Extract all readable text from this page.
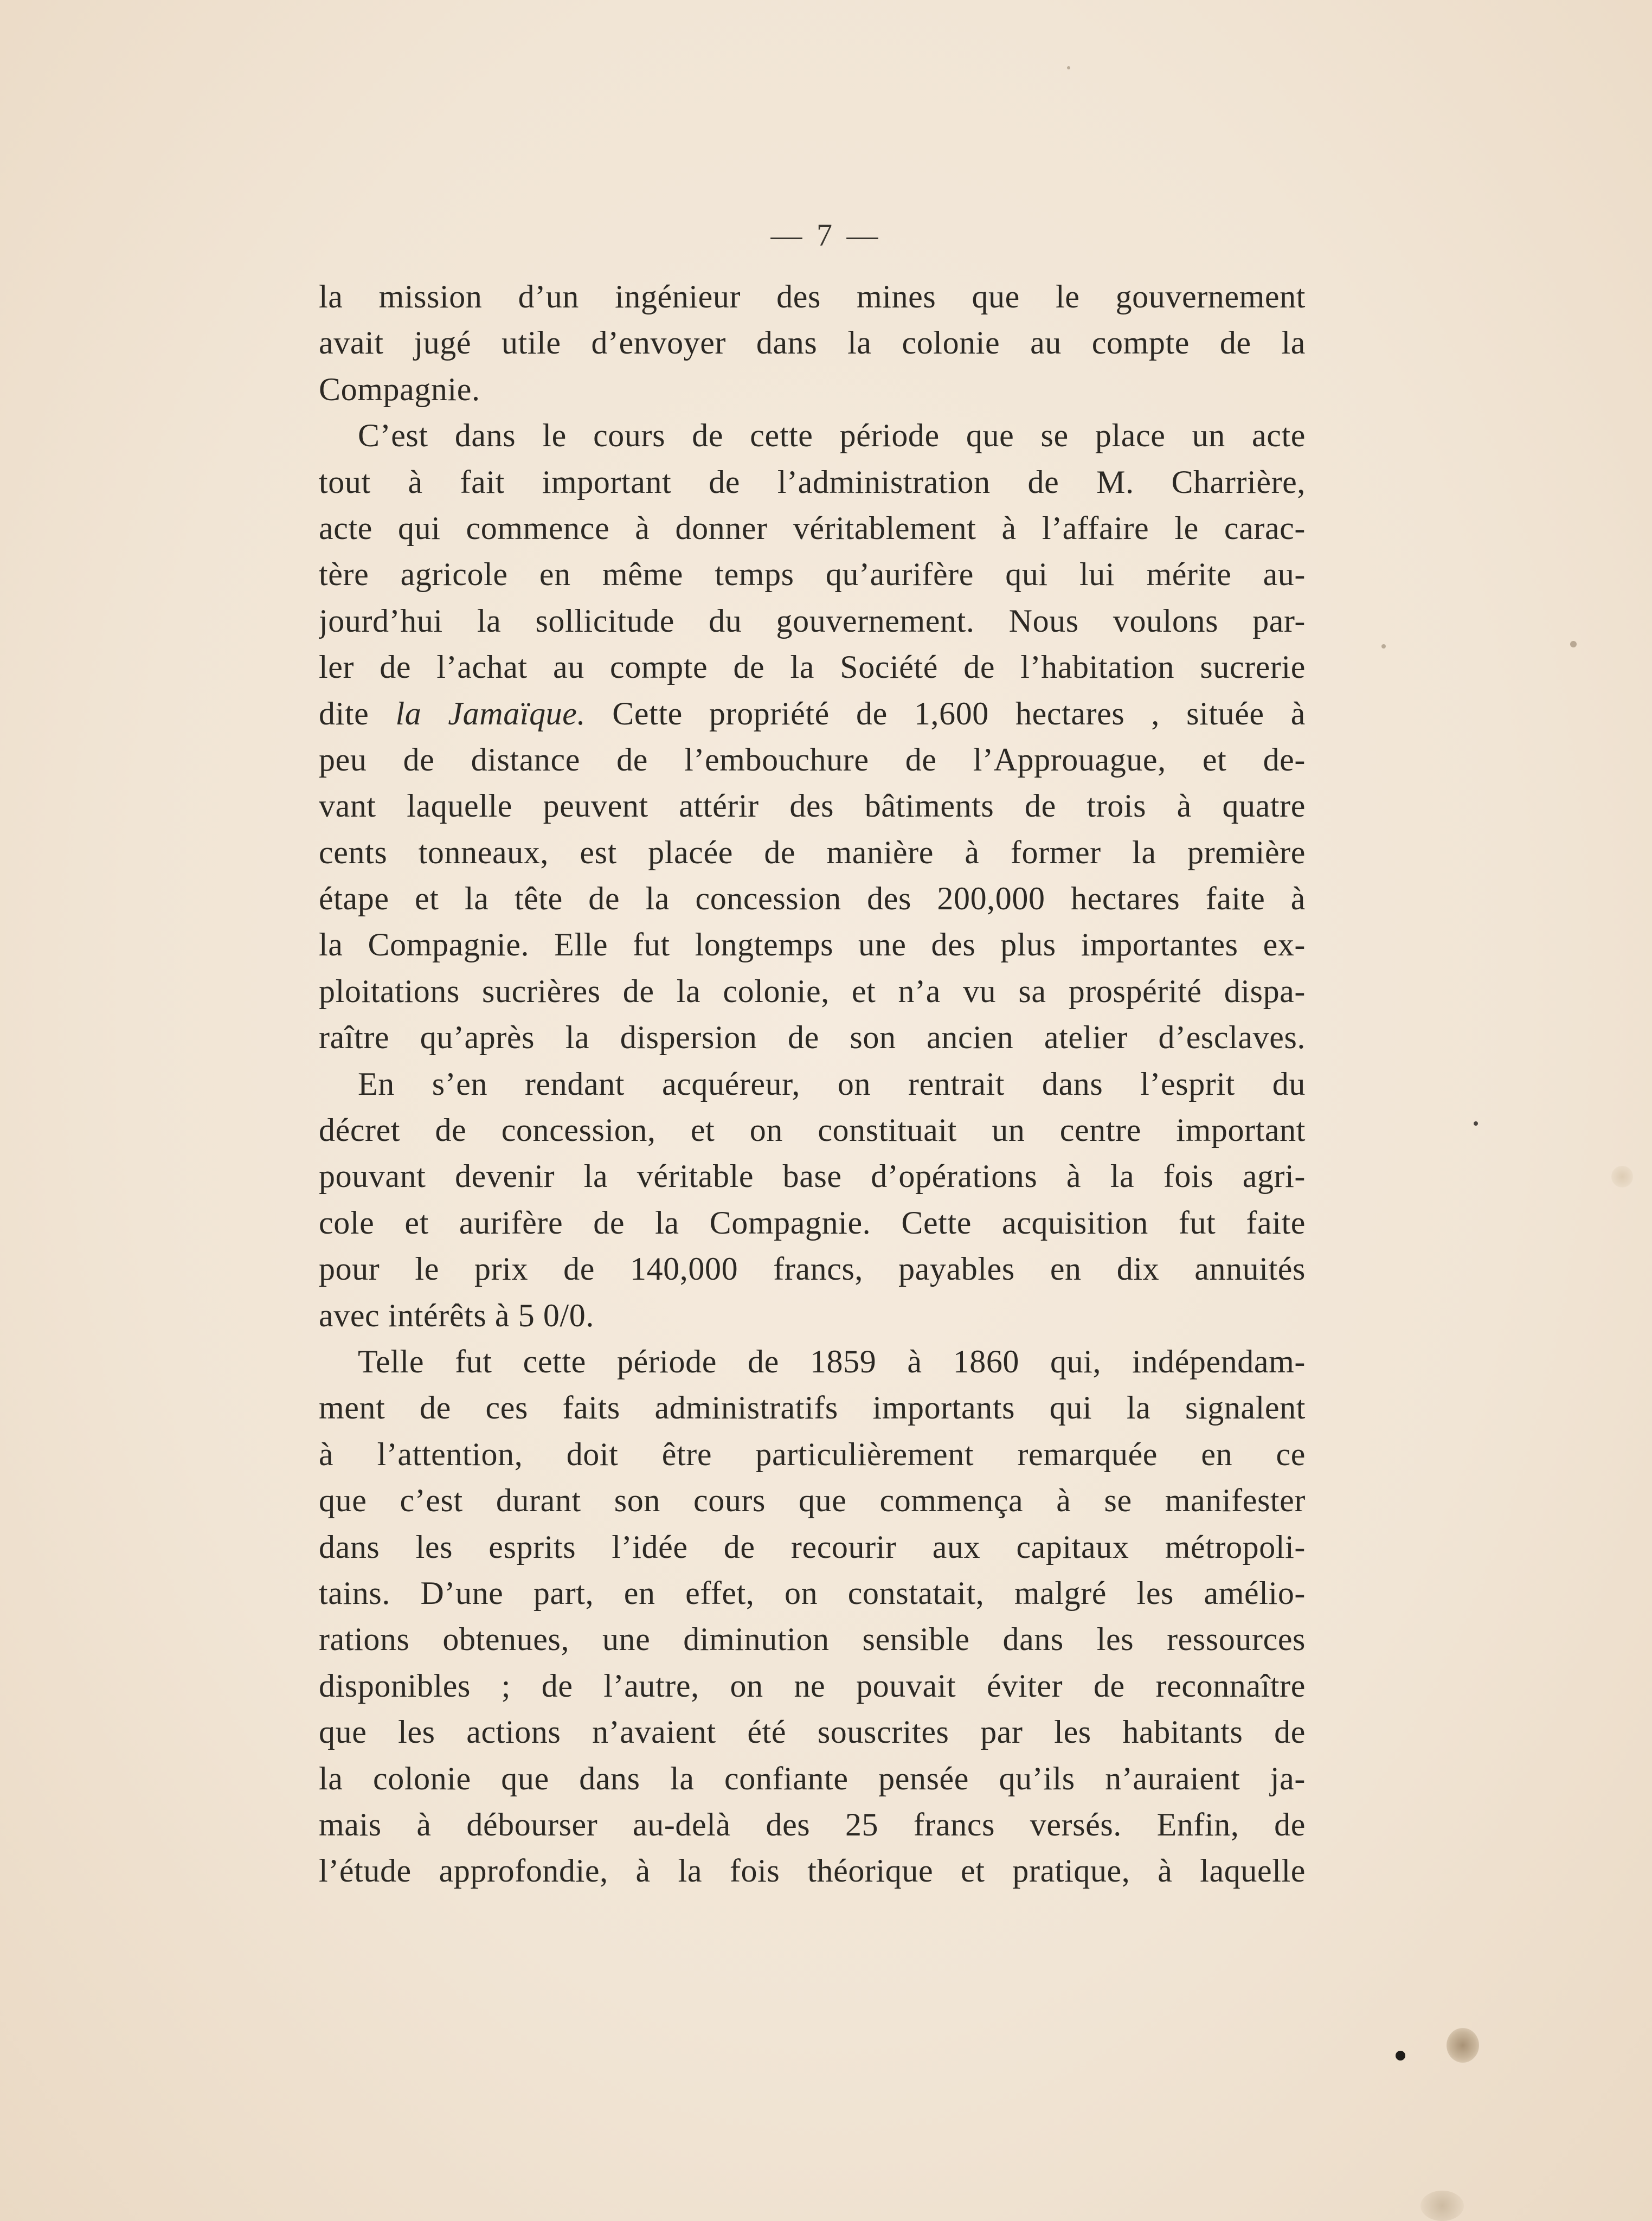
— 7 —
la mission d’un ingénieur des mines que le gouvernement
avait jugé utile d’envoyer dans la colonie au compte de la
Compagnie.
C’est dans le cours de cette période que se place un acte
tout à fait important de l’administration de M. Charrière,
acte qui commence à donner véritablement à l’affaire le carac-
tère agricole en même temps qu’aurifère qui lui mérite au-
jourd’hui la sollicitude du gouvernement. Nous voulons par-
ler de l’achat au compte de la Société de l’habitation sucrerie
dite la Jamaïque. Cette propriété de 1,600 hectares , située à
peu de distance de l’embouchure de l’Approuague, et de-
vant laquelle peuvent attérir des bâtiments de trois à quatre
cents tonneaux, est placée de manière à former la première
étape et la tête de la concession des 200,000 hectares faite à
la Compagnie. Elle fut longtemps une des plus importantes ex-
ploitations sucrières de la colonie, et n’a vu sa prospérité dispa-
raître qu’après la dispersion de son ancien atelier d’esclaves.
En s’en rendant acquéreur, on rentrait dans l’esprit du
décret de concession, et on constituait un centre important
pouvant devenir la véritable base d’opérations à la fois agri-
cole et aurifère de la Compagnie. Cette acquisition fut faite
pour le prix de 140,000 francs, payables en dix annuités
avec intérêts à 5 0/0.
Telle fut cette période de 1859 à 1860 qui, indépendam-
ment de ces faits administratifs importants qui la signalent
à l’attention, doit être particulièrement remarquée en ce
que c’est durant son cours que commença à se manifester
dans les esprits l’idée de recourir aux capitaux métropoli-
tains. D’une part, en effet, on constatait, malgré les amélio-
rations obtenues, une diminution sensible dans les ressources
disponibles ; de l’autre, on ne pouvait éviter de reconnaître
que les actions n’avaient été souscrites par les habitants de
la colonie que dans la confiante pensée qu’ils n’auraient ja-
mais à débourser au-delà des 25 francs versés. Enfin, de
l’étude approfondie, à la fois théorique et pratique, à laquelle
